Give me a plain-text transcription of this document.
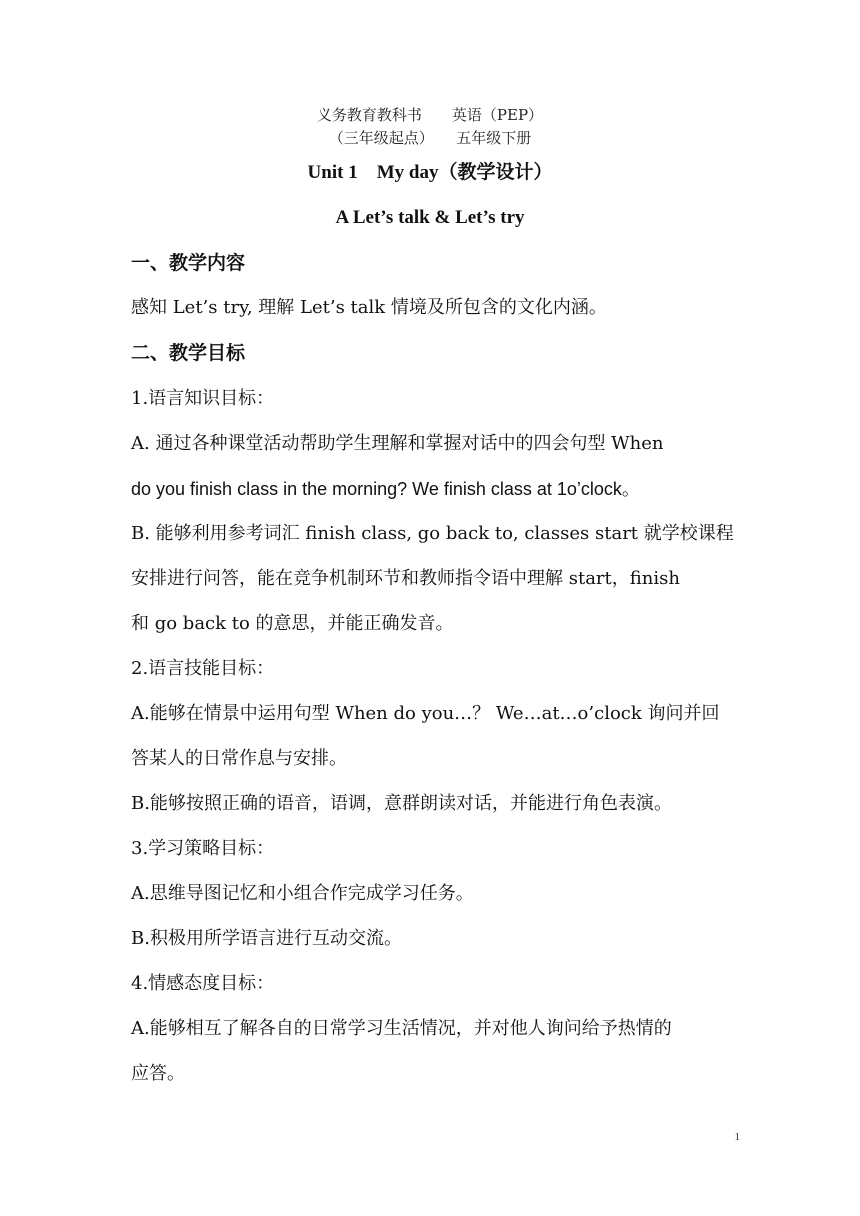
义务教育教科书　　英语（PEP）
（三年级起点）　　五年级下册
Unit 1　My day（教学设计）
A Let’s talk & Let’s try
一、教学内容
感知 Let’s try, 理解 Let’s talk 情境及所包含的文化内涵。
二、教学目标
1.语言知识目标：
A. 通过各种课堂活动帮助学生理解和掌握对话中的四会句型 When
do you finish class in the morning? We finish class at 1o’clock。
B. 能够利用参考词汇 finish class, go back to, classes start 就学校课程
安排进行问答，能在竞争机制环节和教师指令语中理解 start，finish
和 go back to 的意思，并能正确发音。
2.语言技能目标：
A.能够在情景中运用句型 When do you…？ We…at…o’clock 询问并回
答某人的日常作息与安排。
B.能够按照正确的语音，语调，意群朗读对话，并能进行角色表演。
3.学习策略目标：
A.思维导图记忆和小组合作完成学习任务。
B.积极用所学语言进行互动交流。
4.情感态度目标：
A.能够相互了解各自的日常学习生活情况，并对他人询问给予热情的
应答。
1
